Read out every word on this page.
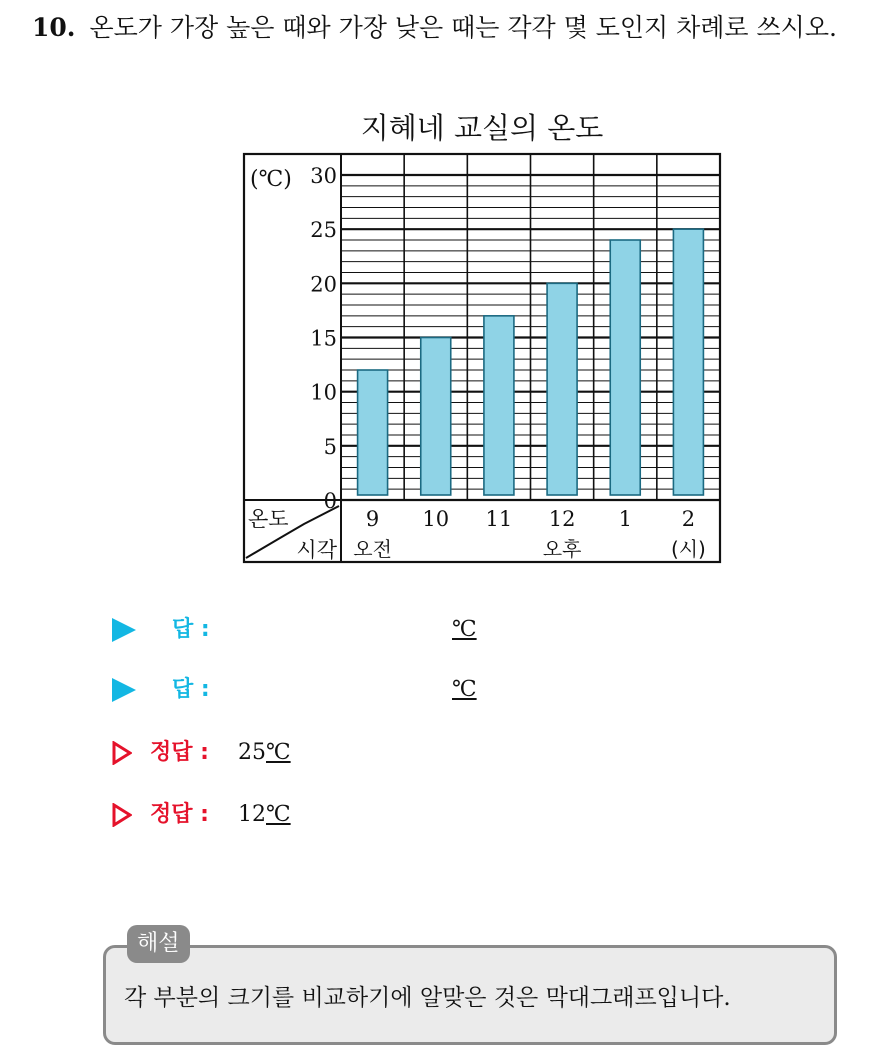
10. 온도가 가장 높은 때와 가장 낮은 때는 각각 몇 도인지 차례로 쓰시오.
지혜네 교실의 온도
(℃)
0
5
10
15
20
25
30
온도
시각
9
오전
10 11 12
오후
1 2
(시)
답 :	℃
답 :	℃
정답 : 25℃
정답 : 12℃
해설
각 부분의 크기를 비교하기에 알맞은 것은 막대그래프입니다.
